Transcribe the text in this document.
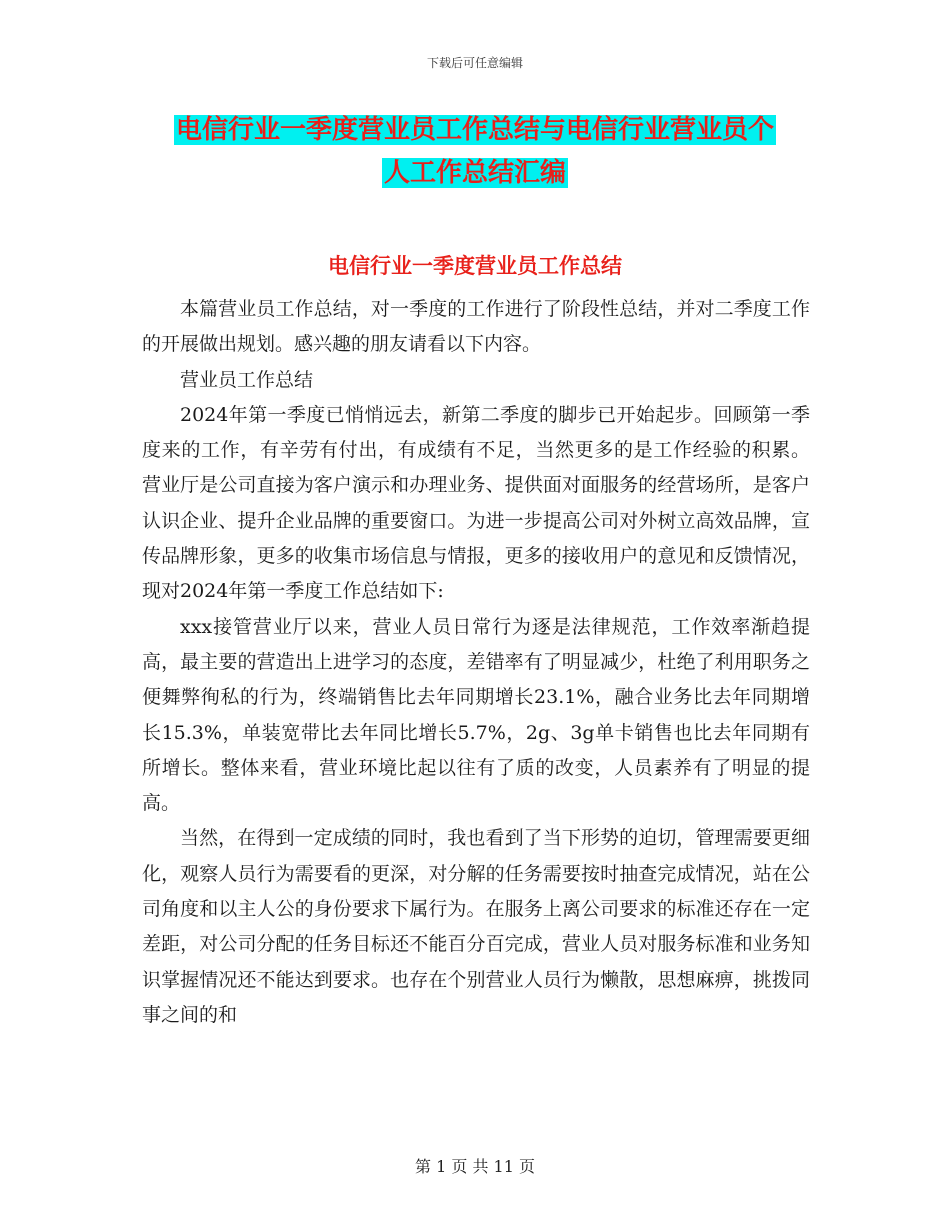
下载后可任意编辑
电信行业一季度营业员工作总结与电信行业营业员个
人工作总结汇编
电信行业一季度营业员工作总结

本篇营业员工作总结，对一季度的工作进行了阶段性总结，并对二季度工作的开展做出规划。感兴趣的朋友请看以下内容。

营业员工作总结

2024年第一季度已悄悄远去，新第二季度的脚步已开始起步。回顾第一季度来的工作，有辛劳有付出，有成绩有不足，当然更多的是工作经验的积累。 营业厅是公司直接为客户演示和办理业务、提供面对面服务的经营场所，是客户认识企业、提升企业品牌的重要窗口。为进一步提高公司对外树立高效品牌，宣传品牌形象，更多的收集市场信息与情报，更多的接收用户的意见和反馈情况，现对2024年第一季度工作总结如下:

xxx接管营业厅以来，营业人员日常行为逐是法律规范，工作效率渐趋提高，最主要的营造出上进学习的态度，差错率有了明显减少，杜绝了利用职务之便舞弊徇私的行为，终端销售比去年同期增长23.1%，融合业务比去年同期增长15.3%，单装宽带比去年同比增长5.7%，2g、3g单卡销售也比去年同期有所增长。整体来看，营业环境比起以往有了质的改变，人员素养有了明显的提高。

当然，在得到一定成绩的同时，我也看到了当下形势的迫切，管理需要更细化，观察人员行为需要看的更深，对分解的任务需要按时抽查完成情况，站在公司角度和以主人公的身份要求下属行为。在服务上离公司要求的标准还存在一定差距，对公司分配的任务目标还不能百分百完成，营业人员对服务标准和业务知识掌握情况还不能达到要求。也存在个别营业人员行为懒散，思想麻痹，挑拨同事之间的和

第 1 页 共 11 页
